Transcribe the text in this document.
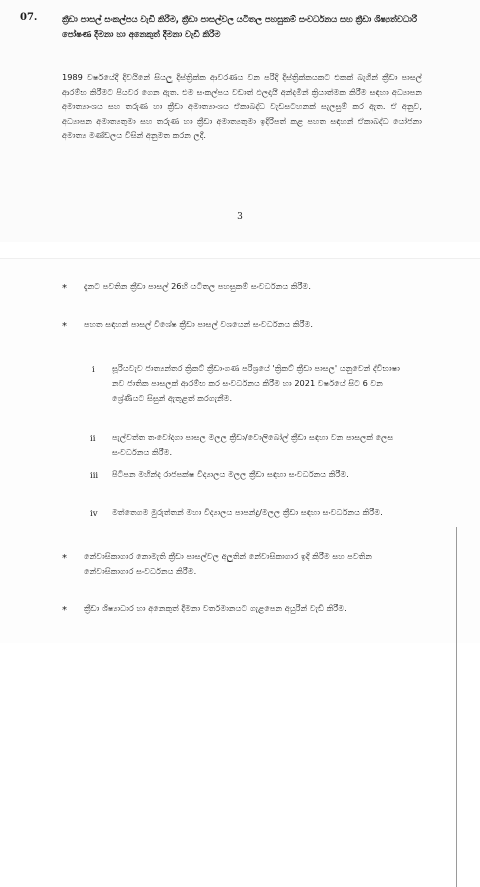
07.	ක්‍රීඩා පාසල් සංකල්පය වැඩි කිරීම, ක්‍රීඩා පාසල්වල යටිතල පහසුකම් සංවර්ධනය සහ ක්‍රීඩා ශිෂ්‍යත්වධාරී පෝෂණ දීමනා හා අනෙකුත් දීමනා වැඩි කිරීම
1989 වර්ෂයේදී දිවයිනේ සියලු දිස්ත්‍රික්ක ආවරණය වන පරිදි දිස්ත්‍රික්කයකට එකක් බැගින් ක්‍රීඩා පාසල් ආරම්භ කිරීමට පියවර ගෙන ඇත. එම සංකල්පය වඩාත් ඵලදායී අන්දමින් ක්‍රියාත්මක කිරීම සඳහා අධ්‍යාපන අමාත්‍යාංශය සහ තරුණ හා ක්‍රීඩා අමාත්‍යාංශය ඒකාබද්ධ වැඩසටහනක් සැලසුම් කර ඇත. ඒ අනුව, අධ්‍යාපන අමාත්‍යතුමා සහ තරුණ හා ක්‍රීඩා අමාත්‍යතුමා ඉදිරිපත් කළ පහත සඳහන් ඒකාබද්ධ යෝජනා අමාත්‍ය මණ්ඩලය විසින් අනුමත කරන ලදී.
3
* දැනට පවතින ක්‍රීඩා පාසල් 26හි යටිතල පහසුකම් සංවර්ධනය කිරීම.
* පහත සඳහන් පාසල් විශේෂ ක්‍රීඩා පාසල් වශයෙන් සංවර්ධනය කිරීම.
i සූරියවැව ජාත්‍යන්තර ක්‍රිකට් ක්‍රීඩාංගණ පරිශ්‍රයේ 'ක්‍රිකට් ක්‍රීඩා පාසල' යනුවෙන් ද්විභාෂා නව ජාතික පාසලක් ආරම්භ කර සංවර්ධනය කිරීම හා 2021 වර්ෂයේ සිට 6 වන ශ්‍රේණියට සිසුන් ඇතුළත් කරගැනීම.
ii පැල්වත්ත තංවෝදගා පාසල මලල ක්‍රීඩා/වොලිබෝල් ක්‍රීඩා සඳහා වන පාසලක් ලෙස සංවර්ධනය කිරීම.
iii පිටිපන මහින්ද රාජපක්ෂ විද්‍යාලය මලල ක්‍රීඩා සඳහා සංවර්ධනය කිරීම.
iv මත්තෙගම මුරුත්තන් මහා විද්‍යාලය පාපන්දු/මලල ක්‍රීඩා සඳහා සංවර්ධනය කිරීම.
* නේවාසිකාගාර නොමැති ක්‍රීඩා පාසල්වල අලුතින් නේවාසිකාගාර ඉදි කිරීම සහ පවතින නේවාසිකාගාර සංවර්ධනය කිරීම.
* ක්‍රීඩා ශිෂ්‍යාධාර හා අනෙකුත් දීමනා වර්තමානයට ගැළපෙන අයුරින් වැඩි කිරීම.
